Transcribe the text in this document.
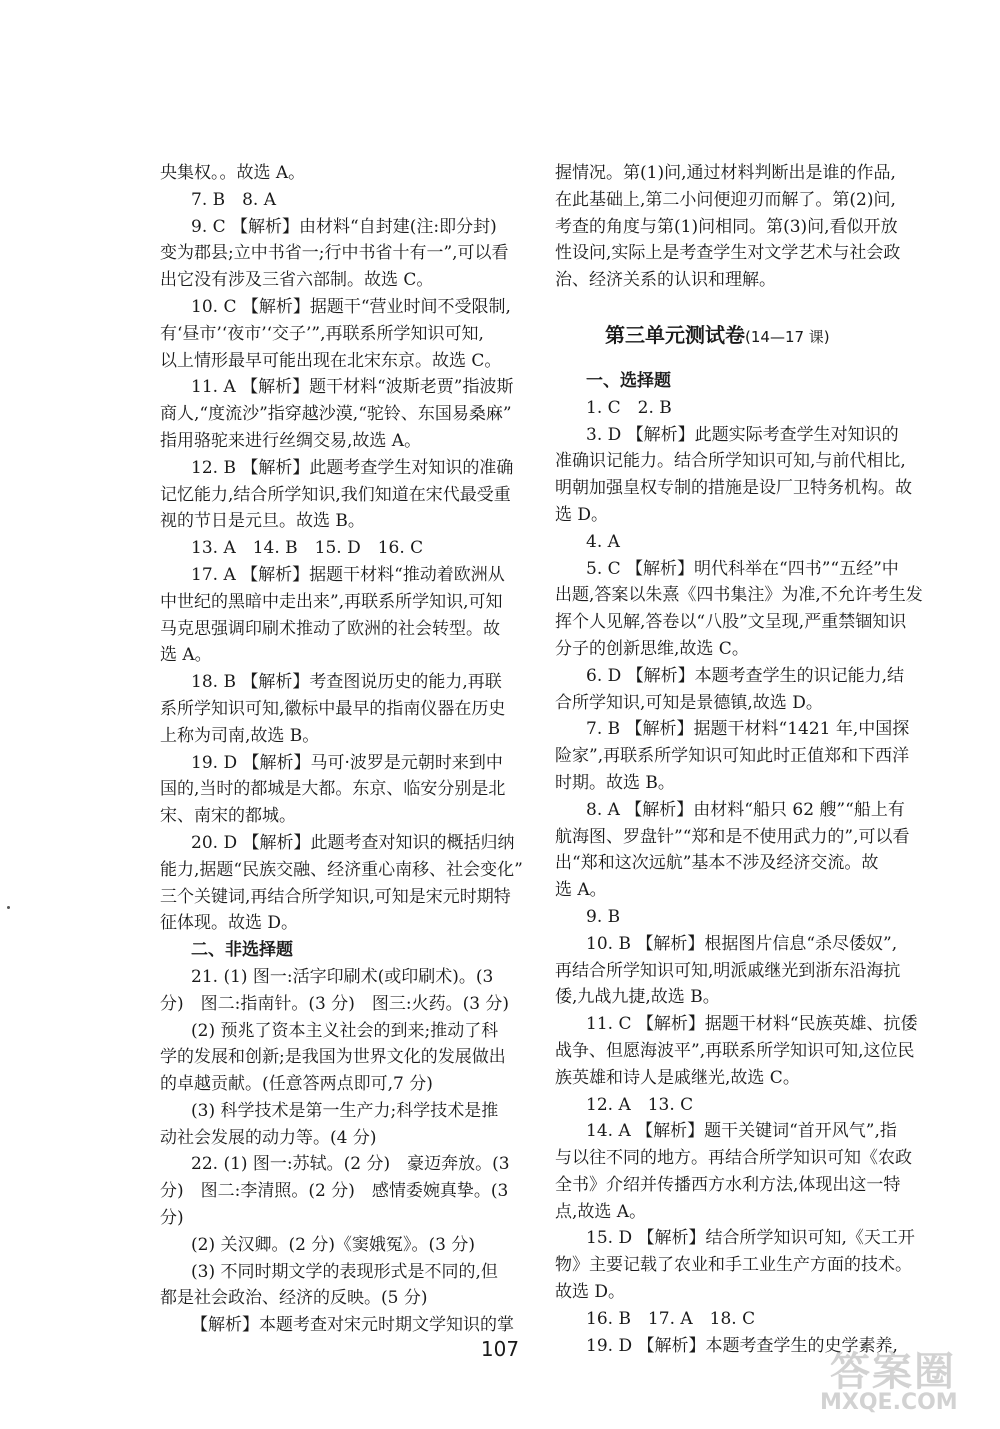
央集权。。故选 A。
7. B　8. A
9. C 【解析】由材料“自封建(注:即分封)
变为郡县;立中书省一;行中书省十有一”,可以看
出它没有涉及三省六部制。故选 C。
10. C 【解析】据题干“营业时间不受限制,
有‘昼市’‘夜市’‘交子’”,再联系所学知识可知,
以上情形最早可能出现在北宋东京。故选 C。
11. A 【解析】题干材料“波斯老贾”指波斯
商人,“度流沙”指穿越沙漠,“驼铃、东国易桑麻”
指用骆驼来进行丝绸交易,故选 A。
12. B 【解析】此题考查学生对知识的准确
记忆能力,结合所学知识,我们知道在宋代最受重
视的节日是元旦。故选 B。
13. A　14. B　15. D　16. C
17. A 【解析】据题干材料“推动着欧洲从
中世纪的黑暗中走出来”,再联系所学知识,可知
马克思强调印刷术推动了欧洲的社会转型。故
选 A。
18. B 【解析】考查图说历史的能力,再联
系所学知识可知,徽标中最早的指南仪器在历史
上称为司南,故选 B。
19. D 【解析】马可·波罗是元朝时来到中
国的,当时的都城是大都。东京、临安分别是北
宋、南宋的都城。
20. D 【解析】此题考查对知识的概括归纳
能力,据题“民族交融、经济重心南移、社会变化”
三个关键词,再结合所学知识,可知是宋元时期特
征体现。故选 D。
二、非选择题
21. (1) 图一:活字印刷术(或印刷术)。(3
分)　图二:指南针。(3 分)　图三:火药。(3 分)
(2) 预兆了资本主义社会的到来;推动了科
学的发展和创新;是我国为世界文化的发展做出
的卓越贡献。(任意答两点即可,7 分)
(3) 科学技术是第一生产力;科学技术是推
动社会发展的动力等。(4 分)
22. (1) 图一:苏轼。(2 分)　豪迈奔放。(3
分)　图二:李清照。(2 分)　感情委婉真挚。(3
分)
(2) 关汉卿。(2 分)《窦娥冤》。(3 分)
(3) 不同时期文学的表现形式是不同的,但
都是社会政治、经济的反映。(5 分)
【解析】本题考查对宋元时期文学知识的掌
握情况。第(1)问,通过材料判断出是谁的作品,
在此基础上,第二小问便迎刃而解了。第(2)问,
考查的角度与第(1)问相同。第(3)问,看似开放
性设问,实际上是考查学生对文学艺术与社会政
治、经济关系的认识和理解。
第三单元测试卷(14—17 课)
一、选择题
1. C　2. B
3. D 【解析】此题实际考查学生对知识的
准确识记能力。结合所学知识可知,与前代相比,
明朝加强皇权专制的措施是设厂卫特务机构。故
选 D。
4. A
5. C 【解析】明代科举在“四书”“五经”中
出题,答案以朱熹《四书集注》为准,不允许考生发
挥个人见解,答卷以“八股”文呈现,严重禁锢知识
分子的创新思维,故选 C。
6. D 【解析】本题考查学生的识记能力,结
合所学知识,可知是景德镇,故选 D。
7. B 【解析】据题干材料“1421 年,中国探
险家”,再联系所学知识可知此时正值郑和下西洋
时期。故选 B。
8. A 【解析】由材料“船只 62 艘”“船上有
航海图、罗盘针”“郑和是不使用武力的”,可以看
出“郑和这次远航”基本不涉及经济交流。故
选 A。
9. B
10. B 【解析】根据图片信息“杀尽倭奴”,
再结合所学知识可知,明派戚继光到浙东沿海抗
倭,九战九捷,故选 B。
11. C 【解析】据题干材料“民族英雄、抗倭
战争、但愿海波平”,再联系所学知识可知,这位民
族英雄和诗人是戚继光,故选 C。
12. A　13. C
14. A 【解析】题干关键词“首开风气”,指
与以往不同的地方。再结合所学知识可知《农政
全书》介绍并传播西方水利方法,体现出这一特
点,故选 A。
15. D 【解析】结合所学知识可知,《天工开
物》主要记载了农业和手工业生产方面的技术。
故选 D。
16. B　17. A　18. C
19. D 【解析】本题考查学生的史学素养,
107	答案圈
MXQE.COM
